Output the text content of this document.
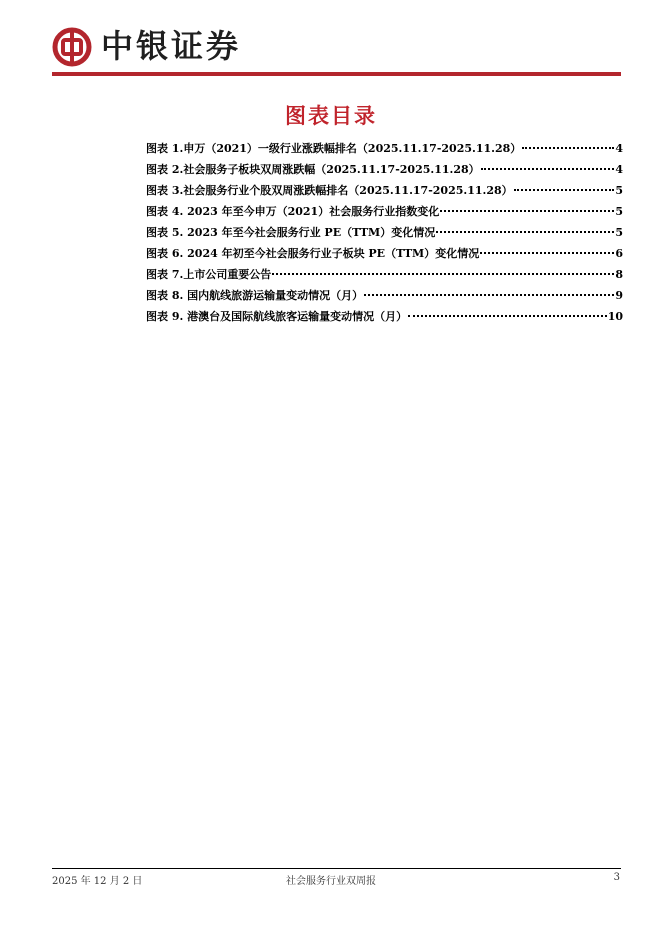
中银证券
图表目录
图表 1.申万（2021）一级行业涨跌幅排名（2025.11.17-2025.11.28）	4
图表 2.社会服务子板块双周涨跌幅（2025.11.17-2025.11.28）	4
图表 3.社会服务行业个股双周涨跌幅排名（2025.11.17-2025.11.28）	5
图表 4. 2023 年至今申万（2021）社会服务行业指数变化	5
图表 5. 2023 年至今社会服务行业 PE（TTM）变化情况	5
图表 6. 2024 年初至今社会服务行业子板块 PE（TTM）变化情况	6
图表 7.上市公司重要公告	8
图表 8. 国内航线旅游运输量变动情况（月）	9
图表 9. 港澳台及国际航线旅客运输量变动情况（月）	10
2025 年 12 月 2 日	社会服务行业双周报	3
